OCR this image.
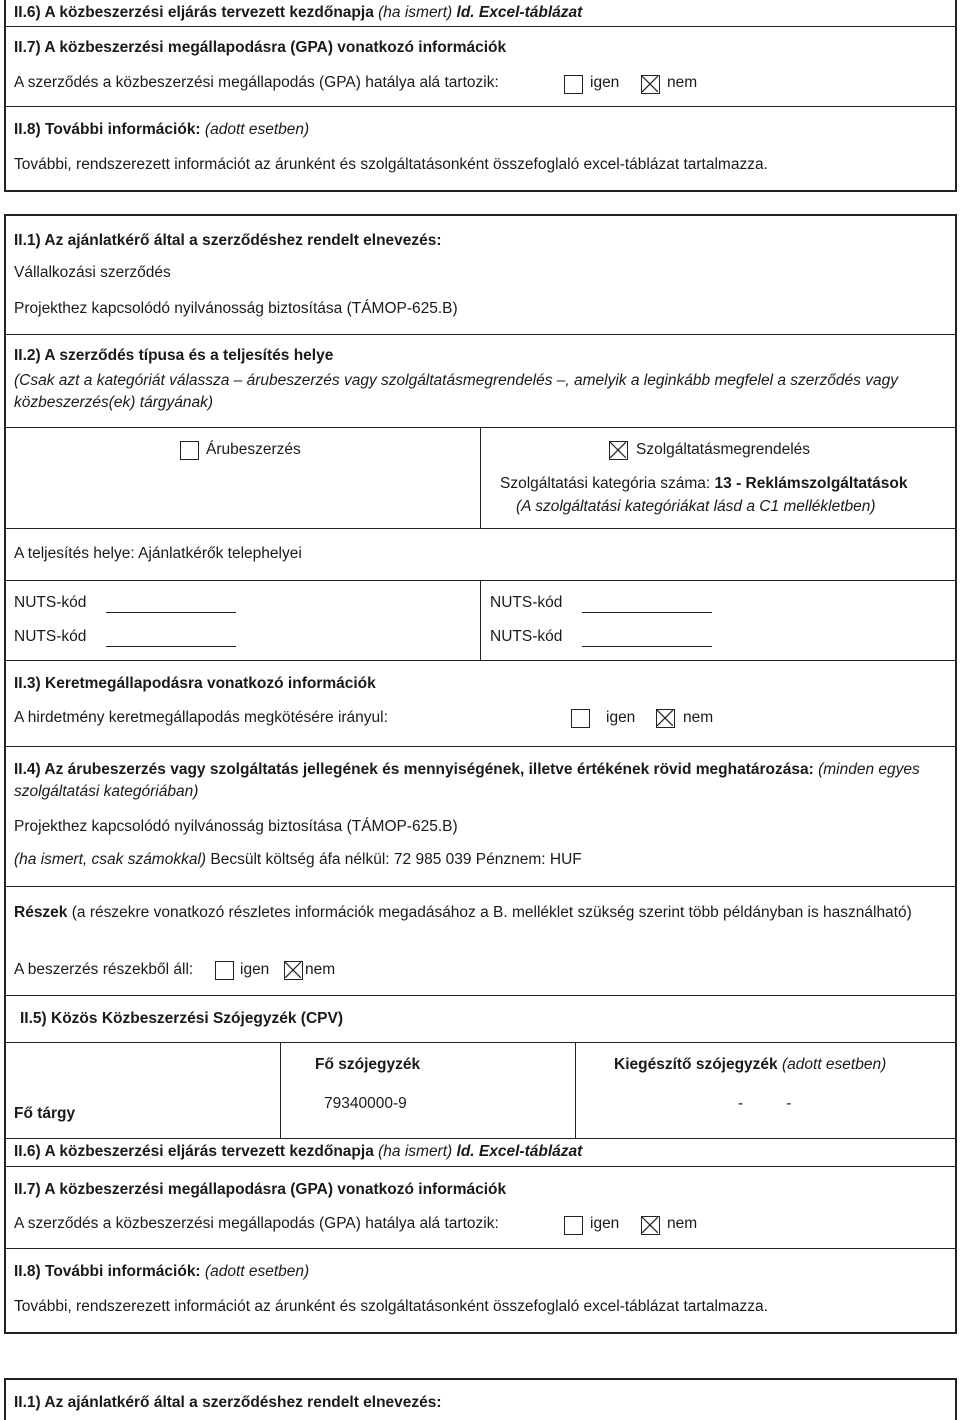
II.6) A közbeszerzési eljárás tervezett kezdőnapja (ha ismert) ld. Excel-táblázat
II.7) A közbeszerzési megállapodásra (GPA) vonatkozó információk
A szerződés a közbeszerzési megállapodás (GPA) hatálya alá tartozik:	igen	nem
II.8) További információk: (adott esetben)
További, rendszerezett információt az árunként és szolgáltatásonként összefoglaló excel-táblázat tartalmazza.
II.1) Az ajánlatkérő által a szerződéshez rendelt elnevezés:
Vállalkozási szerződés
Projekthez kapcsolódó nyilvánosság biztosítása (TÁMOP-625.B)
II.2) A szerződés típusa és a teljesítés helye
(Csak azt a kategóriát válassza – árubeszerzés vagy szolgáltatásmegrendelés –, amelyik a leginkább megfelel a szerződés vagy közbeszerzés(ek) tárgyának)
Árubeszerzés	Szolgáltatásmegrendelés
Szolgáltatási kategória száma: 13 - Reklámszolgáltatások
(A szolgáltatási kategóriákat lásd a C1 mellékletben)
A teljesítés helye: Ajánlatkérők telephelyei
NUTS-kód
NUTS-kód
NUTS-kód
NUTS-kód
II.3) Keretmegállapodásra vonatkozó információk
A hirdetmény keretmegállapodás megkötésére irányul:	igen	nem
II.4) Az árubeszerzés vagy szolgáltatás jellegének és mennyiségének, illetve értékének rövid meghatározása: (minden egyes szolgáltatási kategóriában)
Projekthez kapcsolódó nyilvánosság biztosítása (TÁMOP-625.B)
(ha ismert, csak számokkal) Becsült költség áfa nélkül: 72 985 039 Pénznem: HUF
Részek (a részekre vonatkozó részletes információk megadásához a B. melléklet szükség szerint több példányban is használható)
A beszerzés részekből áll:	igen nem
II.5) Közös Közbeszerzési Szójegyzék (CPV)
Fő szójegyzék	Kiegészítő szójegyzék (adott esetben)
Fő tárgy
79340000-9	-          -
II.6) A közbeszerzési eljárás tervezett kezdőnapja (ha ismert) ld. Excel-táblázat
II.7) A közbeszerzési megállapodásra (GPA) vonatkozó információk
A szerződés a közbeszerzési megállapodás (GPA) hatálya alá tartozik:	igen	nem
II.8) További információk: (adott esetben)
További, rendszerezett információt az árunként és szolgáltatásonként összefoglaló excel-táblázat tartalmazza.
II.1) Az ajánlatkérő által a szerződéshez rendelt elnevezés:
